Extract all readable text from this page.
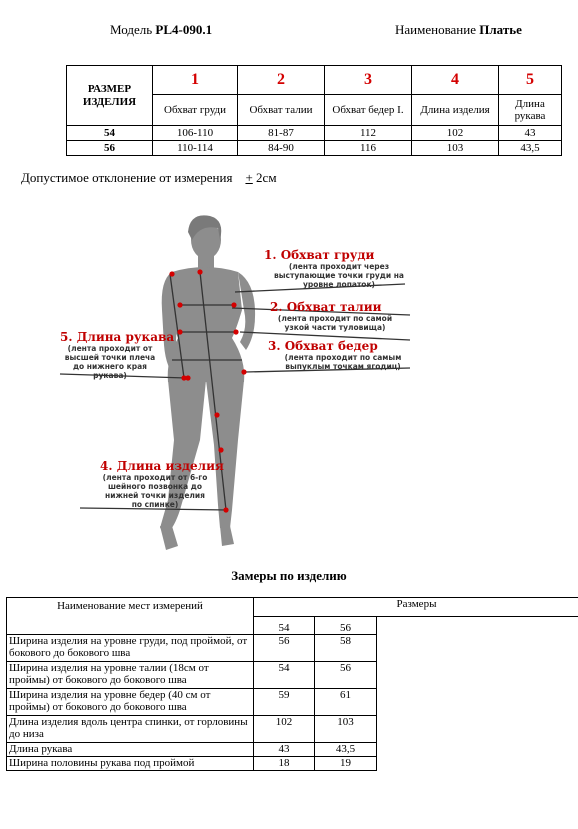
Модель PL4-090.1	Наименование Платье
РАЗМЕР ИЗДЕЛИЯ	1	2	3	4	5
	Обхват груди	Обхват талии	Обхват бедер I.	Длина изделия	Длина рукава
54	106-110	81-87	112	102	43
56	110-114	84-90	116	103	43,5
Допустимое отклонение от измерения + 2см
1. Обхват груди
(лента проходит через выступающие точки груди на уровне лопаток)
2. Обхват талии
(лента проходит по самой узкой части туловища)
3. Обхват бедер
(лента проходит по самым выпуклым точкам ягодиц)
5. Длина рукава
(лента проходит от высшей точки плеча до нижнего края рукава)
4. Длина изделия
(лента проходит от 6-го шейного позвонка до нижней точки изделия по спинке)
Замеры по изделию
Наименование мест измерений	Размеры		
	54	56	
Ширина изделия на уровне груди, под проймой, от бокового до бокового шва	56	58	
Ширина изделия на уровне талии (18см от проймы) от бокового до бокового шва	54	56	
Ширина изделия на уровне бедер (40 см от проймы) от бокового до бокового шва	59	61	
Длина изделия вдоль центра спинки, от горловины до низа	102	103	
Длина рукава	43	43,5	
Ширина половины рукава под проймой	18	19	
